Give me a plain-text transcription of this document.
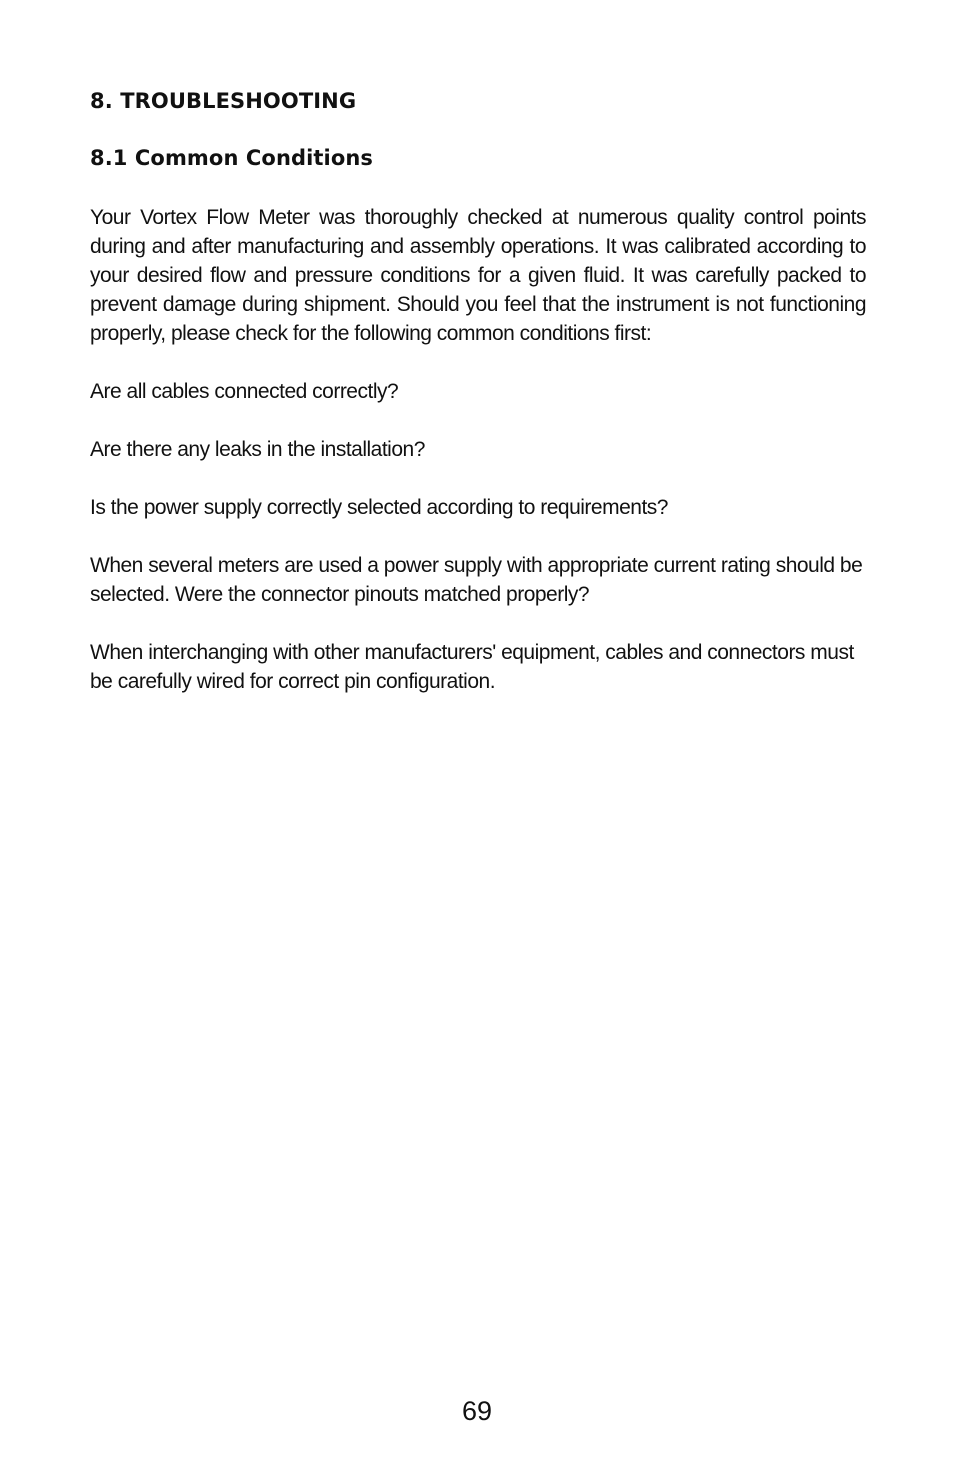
8. TROUBLESHOOTING
8.1 Common Conditions

Your Vortex Flow Meter was thoroughly checked at numerous quality control points during and after manufacturing and assembly operations. It was calibrated according to your desired flow and pressure conditions for a given fluid. It was carefully packed to prevent damage during shipment. Should you feel that the instrument is not functioning properly, please check for the following common conditions first:

Are all cables connected correctly?

Are there any leaks in the installation?

Is the power supply correctly selected according to requirements?

When several meters are used a power supply with appropriate current rating should be selected. Were the connector pinouts matched properly?

When interchanging with other manufacturers' equipment, cables and connectors must be carefully wired for correct pin configuration.

69
